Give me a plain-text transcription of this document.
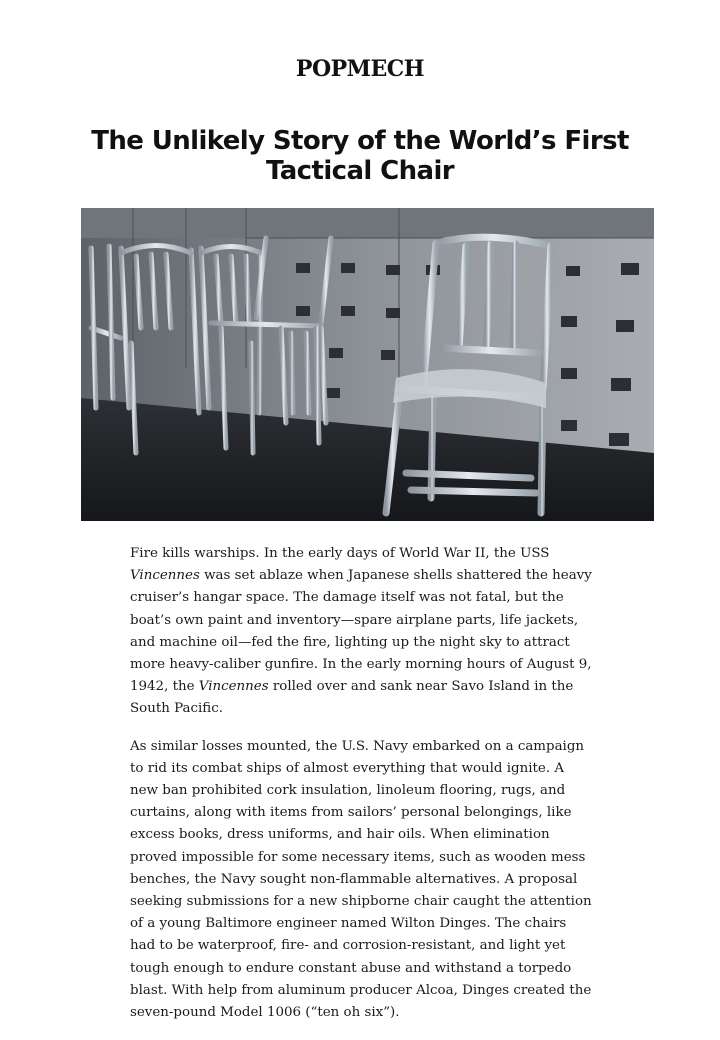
POPMECH
The Unlikely Story of the World’s First Tactical Chair

Fire kills warships. In the early days of World War II, the USS Vincennes was set ablaze when Japanese shells shattered the heavy cruiser’s hangar space. The damage itself was not fatal, but the boat’s own paint and inventory—spare airplane parts, life jackets, and machine oil—fed the fire, lighting up the night sky to attract more heavy-caliber gunfire. In the early morning hours of August 9, 1942, the Vincennes rolled over and sank near Savo Island in the South Pacific.

As similar losses mounted, the U.S. Navy embarked on a campaign to rid its combat ships of almost everything that would ignite. A new ban prohibited cork insulation, linoleum flooring, rugs, and curtains, along with items from sailors’ personal belongings, like excess books, dress uniforms, and hair oils. When elimination proved impossible for some necessary items, such as wooden mess benches, the Navy sought non-flammable alternatives. A proposal seeking submissions for a new shipborne chair caught the attention of a young Baltimore engineer named Wilton Dinges. The chairs had to be waterproof, fire- and corrosion-resistant, and light yet tough enough to endure constant abuse and withstand a torpedo blast. With help from aluminum producer Alcoa, Dinges created the seven-pound Model 1006 (“ten oh six”).
